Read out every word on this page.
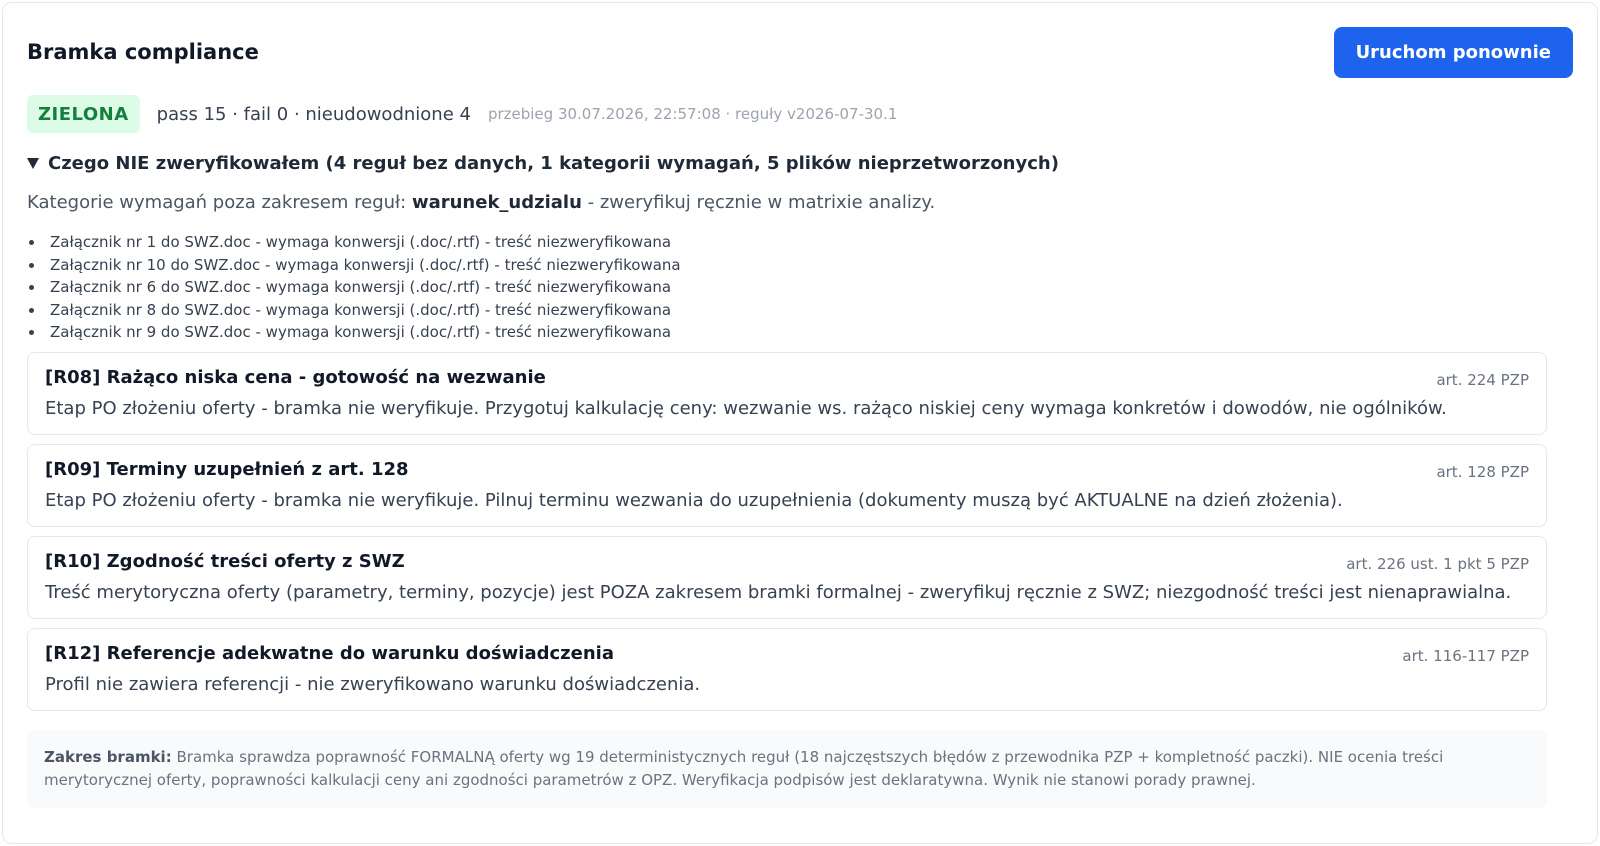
Bramka compliance	Uruchom ponownie
ZIELONA	pass 15 · fail 0 · nieudowodnione 4 przebieg 30.07.2026, 22:57:08 · reguły v2026-07-30.1
Czego NIE zweryfikowałem (4 reguł bez danych, 1 kategorii wymagań, 5 plików nieprzetworzonych)
Kategorie wymagań poza zakresem reguł: warunek_udzialu - zweryfikuj ręcznie w matrixie analizy.
Załącznik nr 1 do SWZ.doc - wymaga konwersji (.doc/.rtf) - treść niezweryfikowana
Załącznik nr 10 do SWZ.doc - wymaga konwersji (.doc/.rtf) - treść niezweryfikowana
Załącznik nr 6 do SWZ.doc - wymaga konwersji (.doc/.rtf) - treść niezweryfikowana
Załącznik nr 8 do SWZ.doc - wymaga konwersji (.doc/.rtf) - treść niezweryfikowana
Załącznik nr 9 do SWZ.doc - wymaga konwersji (.doc/.rtf) - treść niezweryfikowana
[R08] Rażąco niska cena - gotowość na wezwanie	art. 224 PZP
Etap PO złożeniu oferty - bramka nie weryfikuje. Przygotuj kalkulację ceny: wezwanie ws. rażąco niskiej ceny wymaga konkretów i dowodów, nie ogólników.
[R09] Terminy uzupełnień z art. 128	art. 128 PZP
Etap PO złożeniu oferty - bramka nie weryfikuje. Pilnuj terminu wezwania do uzupełnienia (dokumenty muszą być AKTUALNE na dzień złożenia).
[R10] Zgodność treści oferty z SWZ	art. 226 ust. 1 pkt 5 PZP
Treść merytoryczna oferty (parametry, terminy, pozycje) jest POZA zakresem bramki formalnej - zweryfikuj ręcznie z SWZ; niezgodność treści jest nienaprawialna.
[R12] Referencje adekwatne do warunku doświadczenia	art. 116-117 PZP
Profil nie zawiera referencji - nie zweryfikowano warunku doświadczenia.
Zakres bramki: Bramka sprawdza poprawność FORMALNĄ oferty wg 19 deterministycznych reguł (18 najczęstszych błędów z przewodnika PZP + kompletność paczki). NIE ocenia treści merytorycznej oferty, poprawności kalkulacji ceny ani zgodności parametrów z OPZ. Weryfikacja podpisów jest deklaratywna. Wynik nie stanowi porady prawnej.
